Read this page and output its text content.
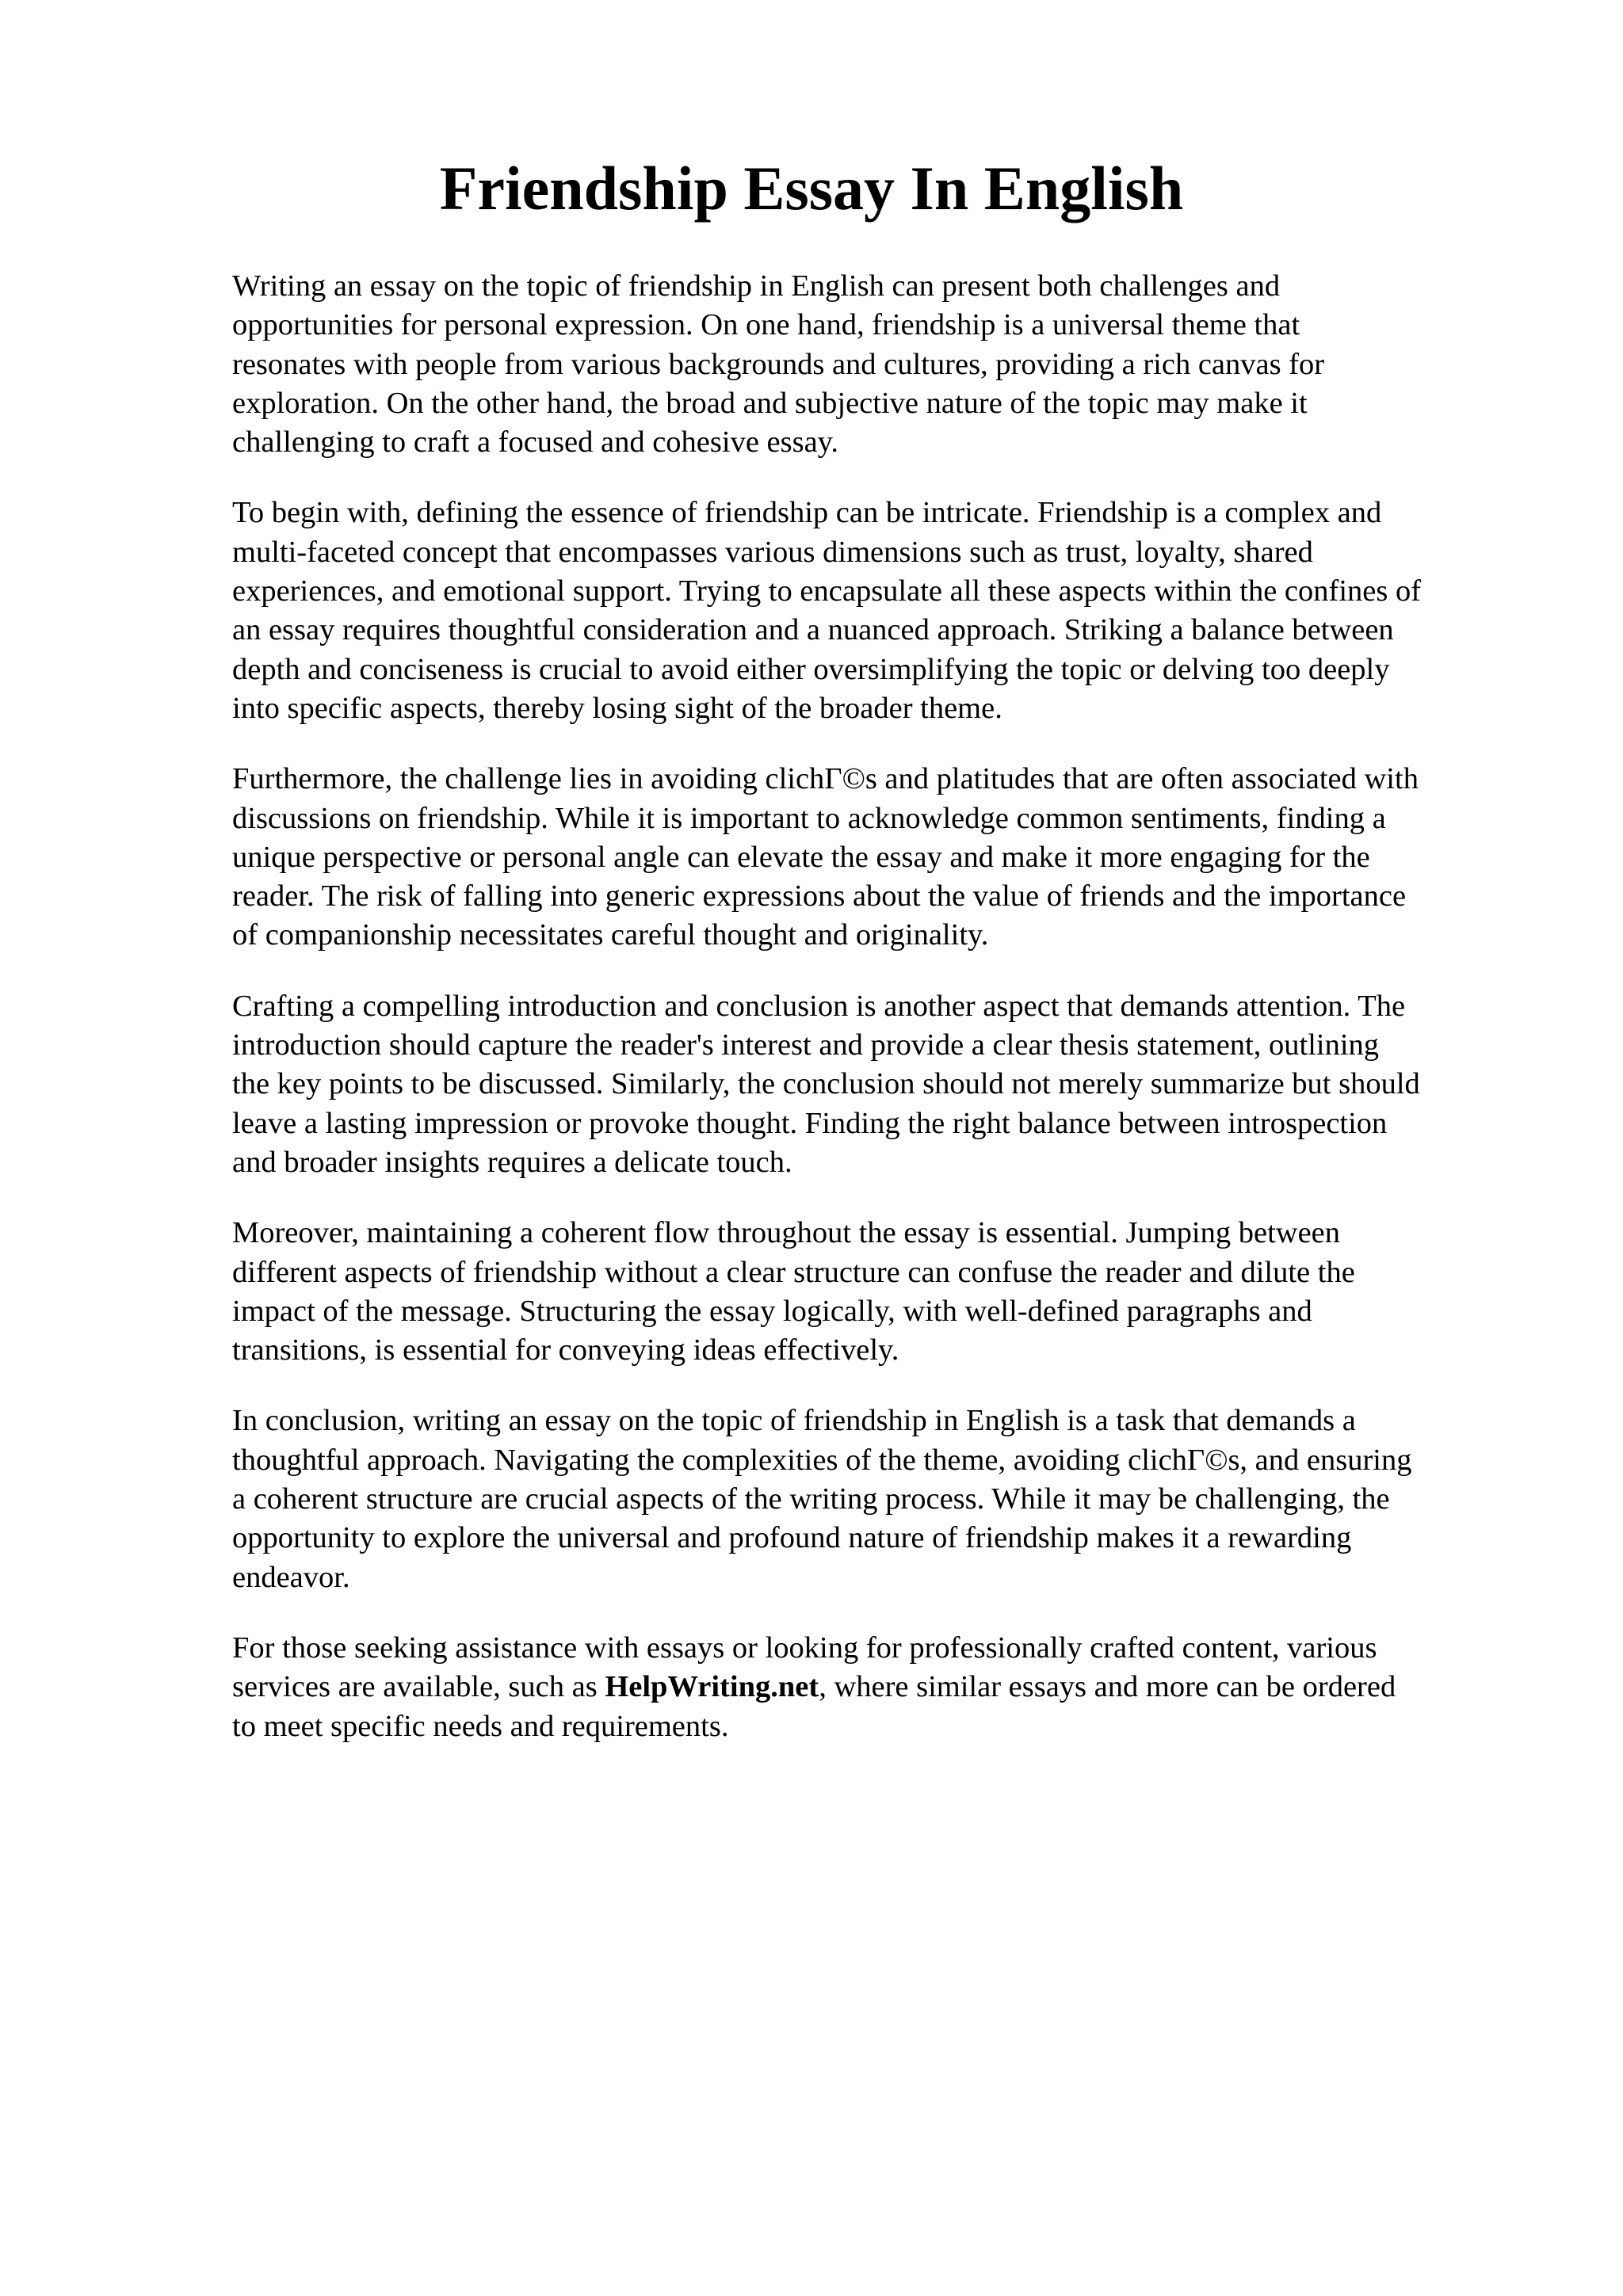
Friendship Essay In English

Writing an essay on the topic of friendship in English can present both challenges and
opportunities for personal expression. On one hand, friendship is a universal theme that
resonates with people from various backgrounds and cultures, providing a rich canvas for
exploration. On the other hand, the broad and subjective nature of the topic may make it
challenging to craft a focused and cohesive essay.

To begin with, defining the essence of friendship can be intricate. Friendship is a complex and
multi-faceted concept that encompasses various dimensions such as trust, loyalty, shared
experiences, and emotional support. Trying to encapsulate all these aspects within the confines of
an essay requires thoughtful consideration and a nuanced approach. Striking a balance between
depth and conciseness is crucial to avoid either oversimplifying the topic or delving too deeply
into specific aspects, thereby losing sight of the broader theme.

Furthermore, the challenge lies in avoiding clichΓ©s and platitudes that are often associated with
discussions on friendship. While it is important to acknowledge common sentiments, finding a
unique perspective or personal angle can elevate the essay and make it more engaging for the
reader. The risk of falling into generic expressions about the value of friends and the importance
of companionship necessitates careful thought and originality.

Crafting a compelling introduction and conclusion is another aspect that demands attention. The
introduction should capture the reader's interest and provide a clear thesis statement, outlining
the key points to be discussed. Similarly, the conclusion should not merely summarize but should
leave a lasting impression or provoke thought. Finding the right balance between introspection
and broader insights requires a delicate touch.

Moreover, maintaining a coherent flow throughout the essay is essential. Jumping between
different aspects of friendship without a clear structure can confuse the reader and dilute the
impact of the message. Structuring the essay logically, with well-defined paragraphs and
transitions, is essential for conveying ideas effectively.

In conclusion, writing an essay on the topic of friendship in English is a task that demands a
thoughtful approach. Navigating the complexities of the theme, avoiding clichΓ©s, and ensuring
a coherent structure are crucial aspects of the writing process. While it may be challenging, the
opportunity to explore the universal and profound nature of friendship makes it a rewarding
endeavor.

For those seeking assistance with essays or looking for professionally crafted content, various
services are available, such as HelpWriting.net, where similar essays and more can be ordered
to meet specific needs and requirements.
